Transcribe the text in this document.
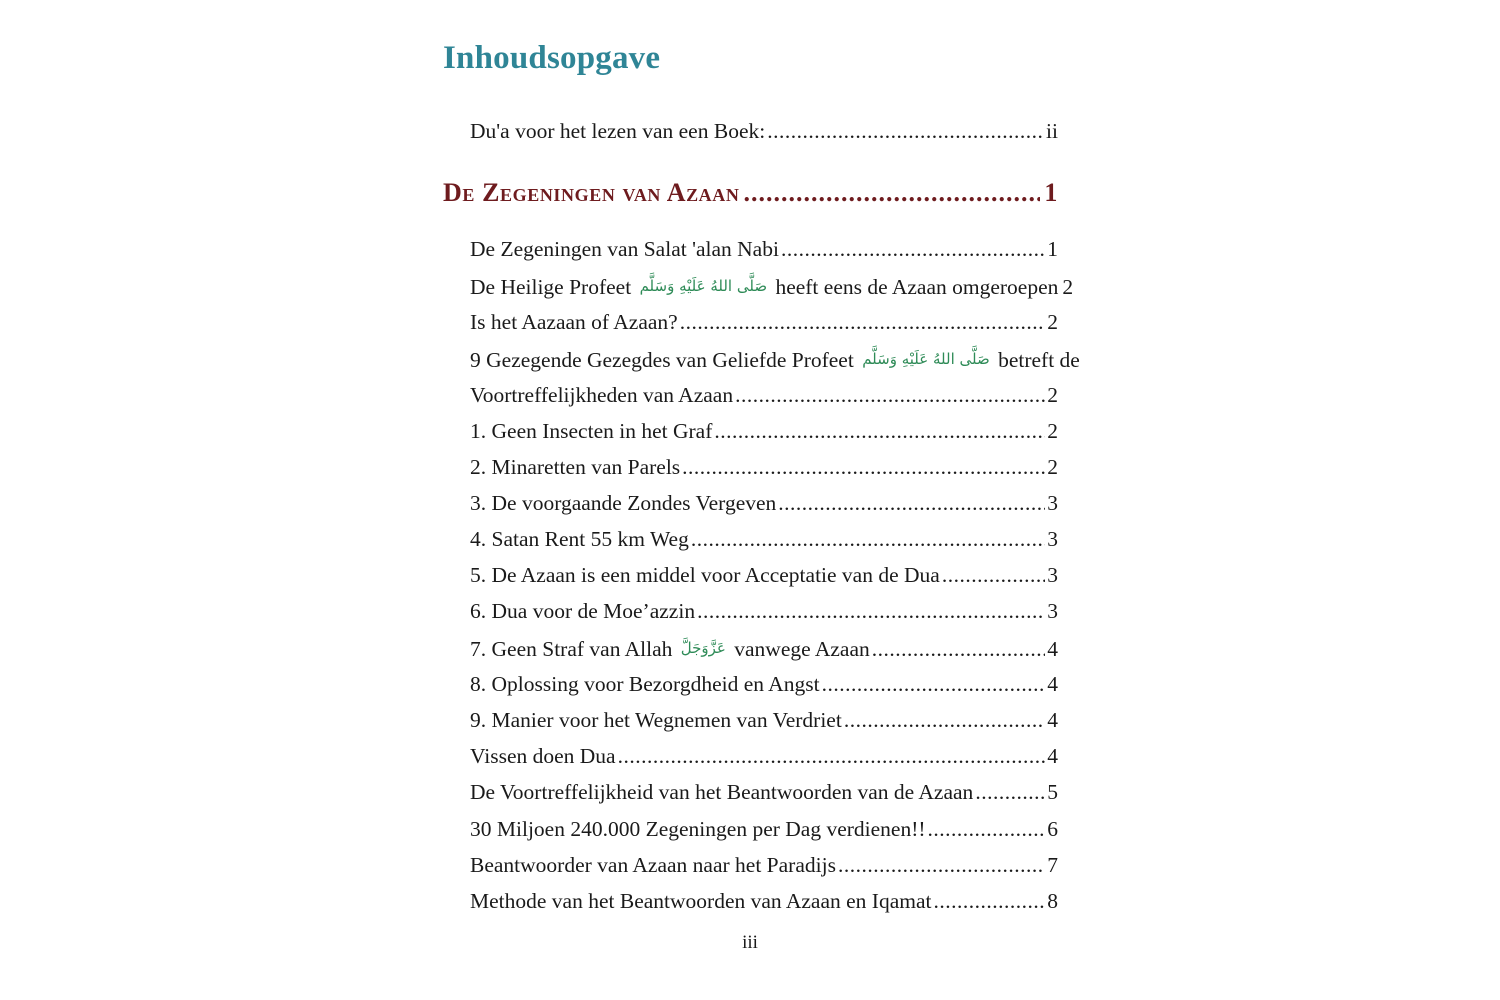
Inhoudsopgave
Du'a voor het lezen van een Boek: .....	ii
De Zegeningen van Azaan .....	1
De Zegeningen van Salat 'alan Nabi .....	1
De Heilige Profeet صَلَّى اللهُ عَلَيْهِ وَسَلَّم heeft eens de Azaan omgeroepen 2
Is het Aazaan of Azaan? .....	2
9 Gezegende Gezegdes van Geliefde Profeet صَلَّى اللهُ عَلَيْهِ وَسَلَّم betreft de
Voortreffelijkheden van Azaan .....	2
1. Geen Insecten in het Graf .....	2
2. Minaretten van Parels .....	2
3. De voorgaande Zondes Vergeven .....	3
4. Satan Rent 55 km Weg .....	3
5. De Azaan is een middel voor Acceptatie van de Dua .....	3
6. Dua voor de Moe’azzin .....	3
7. Geen Straf van Allah عَزَّوَجَلَّ vanwege Azaan .....	4
8. Oplossing voor Bezorgdheid en Angst .....	4
9. Manier voor het Wegnemen van Verdriet .....	4
Vissen doen Dua .....	4
De Voortreffelijkheid van het Beantwoorden van de Azaan .....	5
30 Miljoen 240.000 Zegeningen per Dag verdienen!! .....	6
Beantwoorder van Azaan naar het Paradijs .....	7
Methode van het Beantwoorden van Azaan en Iqamat .....	8
iii
